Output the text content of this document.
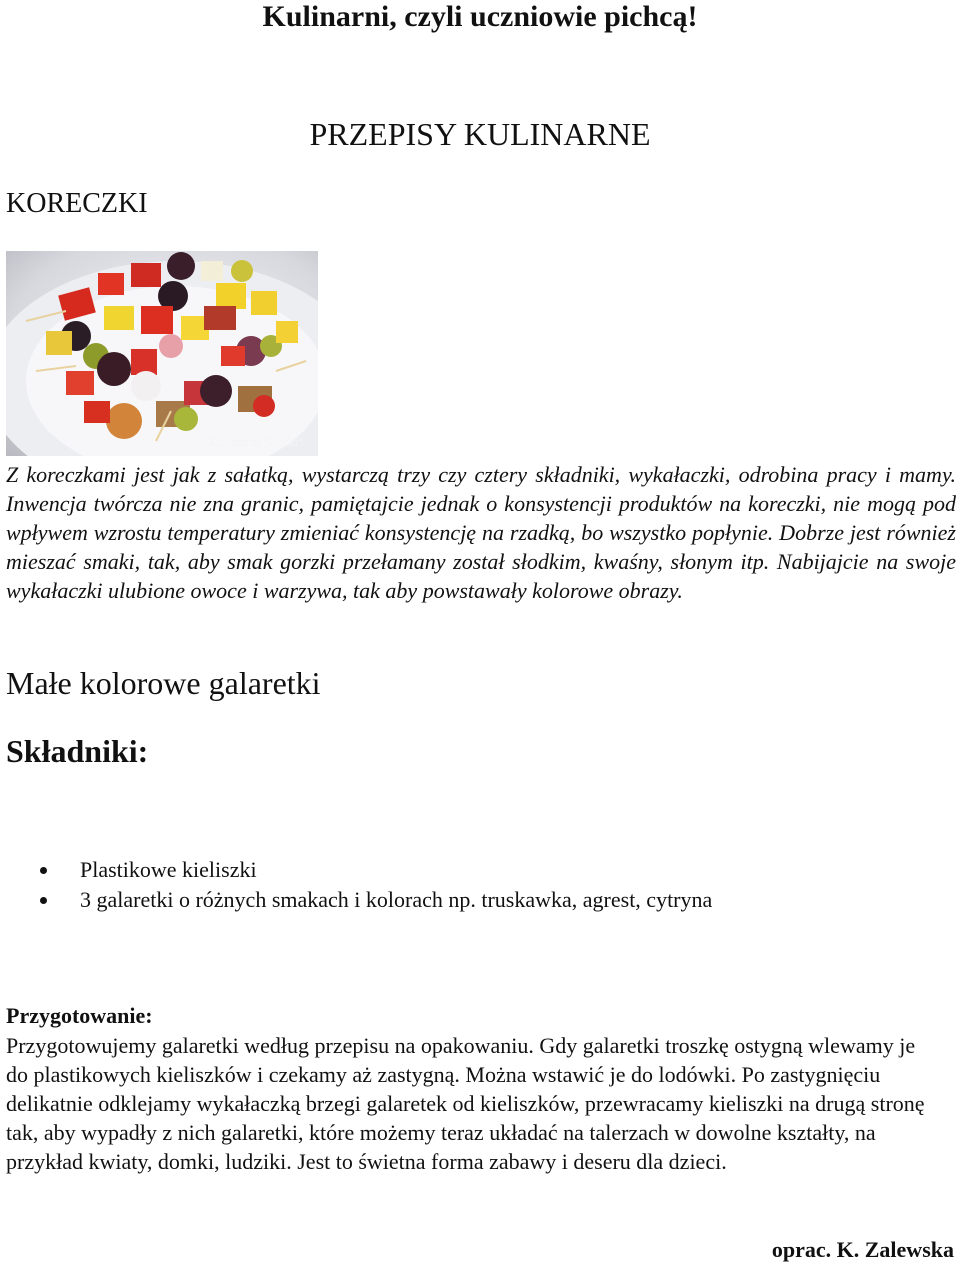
Kulinarni, czyli uczniowie pichcą!
PRZEPISY KULINARNE
KORECZKI
Kulinarni "Zetki"
Z koreczkami jest jak z sałatką, wystarczą trzy czy cztery składniki, wykałaczki, odrobina pracy i mamy. Inwencja twórcza nie zna granic, pamiętajcie jednak o konsystencji produktów na koreczki, nie mogą pod wpływem wzrostu temperatury zmieniać konsystencję na rzadką, bo wszystko popłynie. Dobrze jest również mieszać smaki, tak, aby smak gorzki przełamany został słodkim, kwaśny, słonym itp. Nabijajcie na swoje wykałaczki ulubione owoce i warzywa, tak aby powstawały kolorowe obrazy.
Małe kolorowe galaretki
Składniki:
Plastikowe kieliszki
3 galaretki o różnych smakach i kolorach np. truskawka, agrest, cytryna
Przygotowanie:
Przygotowujemy galaretki według przepisu na opakowaniu. Gdy galaretki troszkę ostygną wlewamy je do plastikowych kieliszków i czekamy aż zastygną. Można wstawić je do lodówki. Po zastygnięciu delikatnie odklejamy wykałaczką brzegi galaretek od kieliszków, przewracamy kieliszki na drugą stronę tak, aby wypadły z nich galaretki, które możemy teraz układać na talerzach w dowolne kształty, na przykład kwiaty, domki, ludziki. Jest to świetna forma zabawy i deseru dla dzieci.
oprac. K. Zalewska
